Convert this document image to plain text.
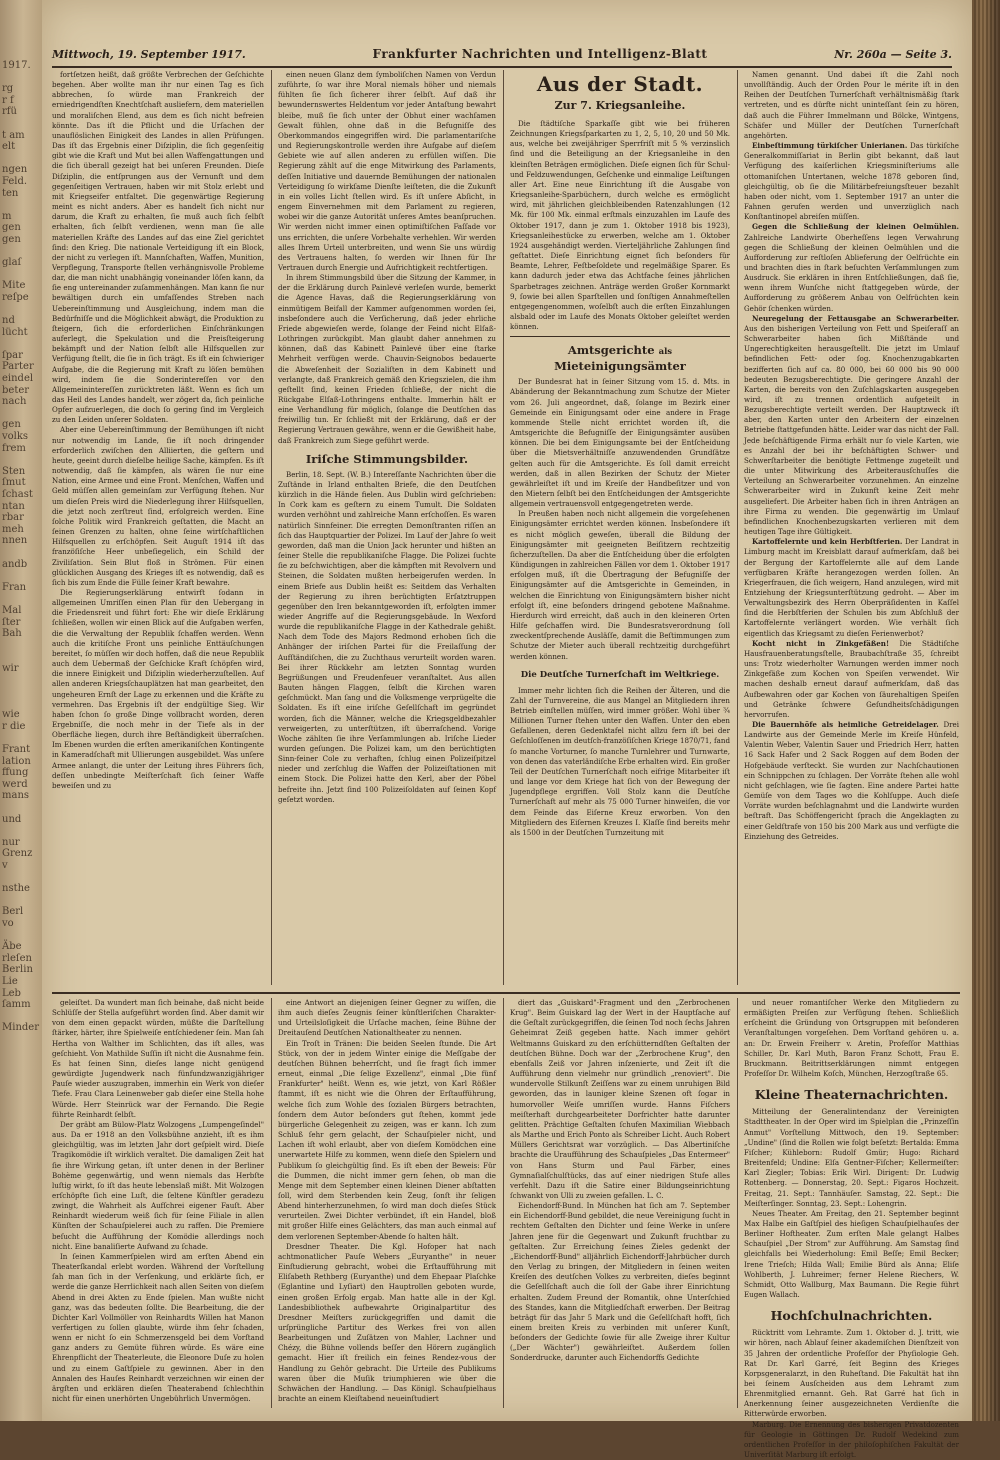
1917.

rg
r f
rfü

t am
elt

ngen
Feld.
ten

m
gen
gen

glaſ

Mite
reſpe

nd
lücht

ſpar
Parter
eindel
beter
nach

gen
volks
frem

Sten
ſmut
ſchast
ntan
rbar
meh
nnen

andb

Fran

Mal
ſter
Bah

wir

wie
r die

Frant
lation
ffung
werd
mans

und

nur
Grenz
v

nsthe

Berl
vo

Äbe
rleſen
Berlin
Lie
Leb
ſamm

Minder
Mittwoch, 19. September 1917.	Frankfurter Nachrichten und Intelligenz-Blatt	Nr. 260a — Seite 3.

fortſetzen heißt, daß größte Verbrechen der Geſchichte begehen. Aber wollte man ihr nur einen Tag es ſich abbrechen, ſo würde man Frankreich der erniedrigendſten Knechtſchaft ausliefern, dem materiellen und moraliſchen Elend, aus dem es ſich nicht befreien könnte. Das iſt die Pflicht und die Urſachen der unauflöslichen Einigkeit des Landes in allen Prüfungen. Das iſt das Ergebnis einer Diſziplin, die ſich gegenſeitig gibt wie die Kraft und Mut bei allen Waffengattungen und die ſich überall gezeigt hat bei unſeren Freunden. Dieſe Diſziplin, die entſprungen aus der Vernunft und dem gegenſeitigen Vertrauen, haben wir mit Stolz erlebt und mit Kriegseifer entfaltet. Die gegenwärtige Regierung meint es nicht anders. Aber es handelt ſich nicht nur darum, die Kraft zu erhalten, ſie muß auch ſich ſelbſt erhalten, ſich ſelbſt verdienen, wenn man ſie alle materiellen Kräfte des Landes auf das eine Ziel gerichtet ſind: den Krieg. Die nationale Verteidigung iſt ein Block, der nicht zu verlegen iſt. Mannſchaften, Waffen, Munition, Verpflegung, Transporte ſtellen verhängnisvolle Probleme dar, die man nicht unabhängig voneinander löſen kann, da ſie eng untereinander zuſammenhängen. Man kann ſie nur bewältigen durch ein umfaſſendes Streben nach Uebereinſtimmung und Ausgleichung, indem man die Bedürfniſſe und die Möglichkeit abwägt, die Produktion zu ſteigern, ſich die erforderlichen Einſchränkungen auferlegt, die Spekulation und die Preisſteigerung bekämpft und der Nation ſelbſt alle Hilfsquellen zur Verfügung ſtellt, die ſie in ſich trägt. Es iſt ein ſchwieriger Aufgabe, die die Regierung mit Kraft zu löſen bemühen wird, indem ſie die Sonderintereſſen vor den Allgemeinintereſſen zurücktreten läßt. Wenn es ſich um das Heil des Landes handelt, wer zögert da, ſich peinliche Opfer aufzuerlegen, die doch ſo gering ſind im Vergleich zu den Leiden unſerer Soldaten.

Aber eine Uebereinſtimmung der Bemühungen iſt nicht nur notwendig im Lande, ſie iſt noch dringender erforderlich zwiſchen den Alliierten, die geſtern und heute, geeint durch dieſelbe heilige Sache, kämpfen. Es iſt notwendig, daß ſie kämpfen, als wären ſie nur eine Nation, eine Armee und eine Front. Menſchen, Waffen und Geld müſſen allen gemeinſam zur Verfügung ſtehen. Nur um dieſen Preis wird die Niederlegung ihrer Hilfsquellen, die jetzt noch zerſtreut ſind, erfolgreich werden. Eine ſolche Politik wird Frankreich geſtatten, die Macht an ſeinen Grenzen zu halten, ohne ſeine wirtſchaftlichen Hilfsquellen zu erſchöpfen. Seit Auguſt 1914 iſt das franzöſiſche Heer unbeſiegelich, ein Schild der Ziviliſation. Sein Blut floß in Strömen. Für einen glücklichen Ausgang des Krieges iſt es notwendig, daß es ſich bis zum Ende die Fülle ſeiner Kraft bewahre.

Die Regierungserklärung entwirft ſodann in allgemeinen Umriſſen einen Plan für den Uebergang in die Friedensreit und führt fort: Ehe wir dieſe Erklärung ſchließen, wollen wir einen Blick auf die Aufgaben werfen, die die Verwaltung der Republik ſchaffen werden. Wenn auch die kritiſche Front uns peinliche Enttäuſchungen bereitet, ſo müſſen wir doch hoffen, daß die neue Republik auch dem Uebermaß der Geſchicke Kraft ſchöpfen wird, die innere Einigkeit und Diſziplin wiederherzuſtellen. Auf allen anderen Kriegsſchauplätzen hat man gearbeitet, den ungeheuren Ernſt der Lage zu erkennen und die Kräfte zu vermehren. Das Ergebnis iſt der endgültige Sieg. Wir haben ſchon ſo große Dinge vollbracht worden, deren Ergebniſſe, die noch mehr in der Tiefe als in der Oberfläche liegen, durch ihre Beſtändigkeit überraſchen. Im Ebenen wurden die erſten amerikaniſchen Kontingente in Kameradſchaft mit Ullierungen ausgebildet. Was unſere Armee anlangt, die unter der Leitung ihres Führers ſich, deſſen unbedingte Meiſterſchaft ſich ſeiner Waffe beweiſen und zu

einen neuen Glanz dem ſymboliſchen Namen von Verdun zuführte, ſo war ihre Moral niemals höher und niemals fühlten ſie ſich ſicherer ihrer ſelbſt. Auf daß ihr bewundernswertes Heldentum vor jeder Antaſtung bewahrt bleibe, muß ſie ſich unter der Obhut einer wachſamen Gewalt fühlen, ohne daß in die Befugniſſe des Oberkommandos eingegriffen wird. Die parlamentariſche und Regierungskontrolle werden ihre Aufgabe auf dieſem Gebiete wie auf allen anderen zu erfüllen wiſſen. Die Regierung zählt auf die enge Mitwirkung des Parlaments, deſſen Initiative und dauernde Bemühungen der nationalen Verteidigung ſo wirkſame Dienſte leiſteten, die die Zukunft in ein volles Licht ſtellen wird. Es iſt unſere Abſicht, in engem Einvernehmen mit dem Parlament zu regieren, wobei wir die ganze Autorität unſeres Amtes beanſpruchen. Wir werden nicht immer einen optimiſtiſchen Faſſade vor uns errichten, die unſere Vorbehalte verhehlen. Wir werden alles Ihrem Urteil unterbreiten, und wenn Sie uns würdig des Vertrauens halten, ſo werden wir Ihnen für Ihr Vertrauen durch Energie und Aufrichtigkeit rechtfertigen.

In ihrem Stimmungsbild über die Sitzung der Kammer, in der die Erklärung durch Painlevé verleſen wurde, bemerkt die Agence Havas, daß die Regierungserklärung von einmütigem Beifall der Kammer aufgenommen worden ſei, insbeſondere auch die Verſicherung, daß jeder ehrliche Friede abgewieſen werde, ſolange der Feind nicht Elſaß-Lothringen zurückgibt. Man glaubt daher annehmen zu können, daß das Kabinett Painlevé über eine ſtarke Mehrheit verfügen werde. Chauvin-Seignobos bedauerte die Abweſenheit der Sozialiſten in dem Kabinett und verlangte, daß Frankreich gemäß den Kriegszielen, die ihm geſtellt ſind, keinen Frieden ſchließe, der nicht die Rückgabe Elſaß-Lothringens enthalte. Immerhin hält er eine Verhandlung für möglich, ſolange die Deutſchen das freiwillig tun. Er ſchließt mit der Erklärung, daß er der Regierung Vertrauen gewähre, wenn er die Gewißheit habe, daß Frankreich zum Siege geführt werde.

Iriſche Stimmungsbilder.

Berlin, 18. Sept. (W. B.) Intereſſante Nachrichten über die Zuſtände in Irland enthalten Briefe, die den Deutſchen kürzlich in die Hände fielen. Aus Dublin wird geſchrieben: In Cork kam es geſtern zu einem Tumult. Die Soldaten wurden verhöhnt und zahlreiche Mann erſchoſſen. Es waren natürlich Sinnfeiner. Die erregten Demonſtranten riſſen an ſich das Hauptquartier der Polizei. Im Lauf der Jahre ſo weit geworden, daß man die Union Jack herunter und hißten an ſeiner Stelle die republikaniſche Flagge. Die Polizei ſuchte ſie zu beſchwichtigen, aber die kämpften mit Revolvern und Steinen, die Soldaten mußten herbeigerufen werden. In einem Briefe aus Dublin heißt es: Seitdem das Verhalten der Regierung zu ihren berüchtigten Erſatztruppen gegenüber den Iren bekanntgeworden iſt, erfolgten immer wieder Angriffe auf die Regierungsgebäude. In Wexford wurde die republikaniſche Flagge in der Kathedrale gehißt. Nach dem Tode des Majors Redmond erhoben ſich die Anhänger der iriſchen Partei für die Freilaſſung der Aufſtändiſchen, die zu Zuchthaus verurteilt worden waren. Bei ihrer Rückkehr am letzten Sonntag wurden Begrüßungen und Freudenfeuer veranſtaltet. Aus allen Bauten hängen Flaggen, ſelbſt die Kirchen waren geſchmückt. Man ſang und die Volksmenge verprügelte die Soldaten. Es iſt eine iriſche Geſellſchaft im gegründet worden, ſich die Männer, welche die Kriegsgeldbezahler verweigerten, zu unterſtützen, iſt überraſchend. Vorige Woche zählten ſie ihre Verſammlungen ab. Iriſche Lieder wurden geſungen. Die Polizei kam, um den berüchtigten Sinn-feiner Cole zu verhaften, ſchlug einen Polizeiſpitzel nieder und zerſchlug die Waffen der Polizeiſtationen mit einem Stock. Die Polizei hatte den Kerl, aber der Pöbel befreite ihn. Jetzt ſind 100 Polizeiſoldaten auf ſeinen Kopf geſetzt worden.

Aus der Stadt.
Zur 7. Kriegsanleihe.

Die ſtädtiſche Sparkaſſe gibt wie bei früheren Zeichnungen Kriegsſparkarten zu 1, 2, 5, 10, 20 und 50 Mk. aus, welche bei zweijähriger Sperrfriſt mit 5 % verzinslich ſind und die Beteiligung an der Kriegsanleihe in den kleinſten Beträgen ermöglichen. Dieſe eignen ſich für Schul- und Feldzuwendungen, Geſchenke und einmalige Leiſtungen aller Art. Eine neue Einrichtung iſt die Ausgabe von Kriegsanleihe-Sparbüchern, durch welche es ermöglicht wird, mit jährlichen gleichbleibenden Ratenzahlungen (12 Mk. für 100 Mk. einmal erſtmals einzuzahlen im Laufe des Oktober 1917, dann je zum 1. Oktober 1918 bis 1923), Kriegsanleihestücke zu erwerben, welche am 1. Oktober 1924 ausgehändigt werden. Vierteljährliche Zahlungen ſind geſtattet. Dieſe Einrichtung eignet ſich beſonders für Beamte, Lehrer, Feſtbeſoldete und regelmäßige Sparer. Es kann dadurch jeder etwa das Achtfache ſeines jährlichen Sparbetrages zeichnen. Anträge werden Großer Kornmarkt 9, ſowie bei allen Sparſtellen und ſonſtigen Annahmeſtellen entgegengenommen, woſelbſt auch die erſten Einzahlungen alsbald oder im Laufe des Monats Oktober geleiſtet werden können.

Amtsgerichte als Mieteinigungsämter

Der Bundesrat hat in ſeiner Sitzung vom 15. d. Mts. in Abänderung der Bekanntmachung zum Schutze der Mieter vom 26. Juli angeordnet, daß, ſolange im Bezirk einer Gemeinde ein Einigungsamt oder eine andere in Frage kommende Stelle nicht errichtet worden iſt, die Amtsgerichte die Befugniſſe der Einigungsämter ausüben können. Die bei dem Einigungsamte bei der Entſcheidung über die Mietsverhältniſſe anzuwendenden Grundſätze gelten auch für die Amtsgerichte. Es ſoll damit erreicht werden, daß in allen Bezirken der Schutz der Mieter gewährleiſtet iſt und im Kreiſe der Handbeſitzer und von den Mietern ſelbſt bei den Entſcheidungen der Amtsgerichte allgemein vertrauensvoll entgegengetreten werde.

In Preußen haben noch nicht allgemein die vorgeſehenen Einigungsämter errichtet werden können. Insbeſondere iſt es nicht möglich geweſen, überall die Bildung der Einigungsämter mit geeigneten Beiſitzern rechtzeitig ſicherzuſtellen. Da aber die Entſcheidung über die erfolgten Kündigungen in zahlreichen Fällen vor dem 1. Oktober 1917 erfolgen muß, iſt die Übertragung der Befugniſſe der Einigungsämter auf die Amtsgerichte in Gemeinden, in welchen die Einrichtung von Einigungsämtern bisher nicht erfolgt iſt, eine beſonders dringend gebotene Maßnahme. Hierdurch wird erreicht, daß auch in den kleineren Orten Hilfe geſchaffen wird. Die Bundesratsverordnung ſoll zweckentſprechende Ausläſſe, damit die Beſtimmungen zum Schutze der Mieter auch überall rechtzeitig durchgeführt werden können.

Die Deutſche Turnerſchaft im Weltkriege.

Immer mehr lichten ſich die Reihen der Älteren, und die Zahl der Turnvereine, die aus Mangel an Mitgliedern ihren Betrieb einſtellen müſſen, wird immer größer. Wohl über ¾ Millionen Turner ſtehen unter den Waffen. Unter den eben Gefallenen, deren Gedenktafel nicht allzu fern iſt bei der Geſchloſſenen im deutſch-franzöſiſchen Kriege 1870/71, fand ſo manche Vorturner, ſo manche Turnlehrer und Turnwarte, von denen das vaterländiſche Erbe erhalten wird. Ein großer Teil der Deutſchen Turnerſchaft noch eifrige Mitarbeiter iſt und lange vor dem Kriege hat ſich von der Bewegung der Jugendpflege ergriffen. Voll Stolz kann die Deutſche Turnerſchaft auf mehr als 75 000 Turner hinweiſen, die vor dem Feinde das Eiſerne Kreuz erworben. Von den Mitgliedern des Eiſernen Kreuzes I. Klaſſe ſind bereits mehr als 1500 in der Deutſchen Turnzeitung mit

Namen genannt. Und dabei iſt die Zahl noch unvollſtändig. Auch der Orden Pour le mérite iſt in den Reihen der Deutſchen Turnerſchaft verhältnismäßig ſtark vertreten, und es dürfte nicht uninteſſant ſein zu hören, daß auch die Führer Immelmann und Bölcke, Wintgens, Schäfer und Müller der Deutſchen Turnerſchaft angehörten.

Einbeſtimmung türkiſcher Unierianen. Das türkiſche Generalkommiſſariat in Berlin gibt bekannt, daß laut Verfügung des kaiſerlichen Kriegsminiſteriums alle ottomaniſchen Untertanen, welche 1878 geboren ſind, gleichgültig, ob ſie die Militärbefreiungsſteuer bezahlt haben oder nicht, vom 1. September 1917 an unter die Fahnen gerufen werden und unverzüglich nach Konſtantinopel abreiſen müſſen.

Gegen die Schließung der kleinen Oelmühlen. Zahlreiche Landwirte Oberheſſens legen Verwahrung gegen die Schließung der kleinen Oelmühlen und die Aufforderung zur reſtloſen Ablieferung der Oelfrüchte ein und brachten dies in ſtark beſuchten Verſammlungen zum Ausdruck. Sie erklären in ihren Entſchließungen, daß ſie, wenn ihrem Wunſche nicht ſtattgegeben würde, der Aufforderung zu größerem Anbau von Oelfrüchten kein Gehör ſchenken würden.

Neuregelung der Fettausgabe an Schwerarbeiter. Aus den bisherigen Verteilung von Fett und Speiſeraſſ an Schwerarbeiter haben ſich Mißſtände und Ungerechtigkeiten herausgeſtellt. Die jetzt im Umlauf befindlichen Fett- oder ſog. Knochenzugabkarten bezifferten ſich auf ca. 80 000, bei 60 000 bis 90 000 bedeuten Bezugsberechtigte. Die geringere Anzahl der Karten, die bereits von den Zuſchlagskarten ausgegeben wird, iſt zu trennen ordentlich aufgeteilt in Bezugsberechtigte verteilt werden. Der Hauptzweck iſt aber, den Karten unter den Arbeitern der einzelnen Betriebe ſtattgefunden hätte. Leider war das nicht der Fall. Jede beſchäftigende Firma erhält nur ſo viele Karten, wie es Anzahl der bei ihr beſchäftigten Schwer- und Schwerſtarbeiter die benötigte Fettmenge zugeteilt und die unter Mitwirkung des Arbeiterausſchuſſes die Verteilung an Schwerarbeiter vorzunehmen. An einzelne Schwerarbeiter wird in Zukunft keine Zeit mehr ausgeliefert. Die Arbeiter haben ſich in ihren Anträgen an ihre Firma zu wenden. Die gegenwärtig im Umlauf befindlichen Knochenbezugskarten verlieren mit dem heutigen Tage ihre Gültigkeit.

Kartoffelernte und kein Herbſtferien. Der Landrat in Limburg macht im Kreisblatt darauf aufmerkſam, daß bei der Bergung der Kartoffelernte alle auf dem Lande verfügbaren Kräfte herangezogen werden ſollen. An Kriegerfrauen, die ſich weigern, Hand anzulegen, wird mit Entziehung der Kriegsunterſtützung gedroht. — Aber im Verwaltungsbezirk des Herrn Oberpräſidenten in Kaſſel ſind die Herbſtferien der Schulen bis zum Abſchluß der Kartoffelernte verlängert worden. Wie verhält ſich eigentlich das Kriegsamt zu dieſen Ferienwerbot?

Kocht nicht in Zinkgefäßen! Die Städtiſche Hausfrauenberatungsſtelle, Braubachſtraße 35, ſchreibt uns: Trotz wiederholter Warnungen werden immer noch Zinkgefäße zum Kochen von Speiſen verwendet. Wir machen deshalb erneut darauf aufmerkſam, daß das Aufbewahren oder gar Kochen von ſäurehaltigen Speiſen und Getränke ſchwere Geſundheitsſchädigungen hervorrufen.

Die Bauernhöfe als heimliche Getreidelager. Drei Landwirte aus der Gemeinde Merle im Kreiſe Hünfeld, Valentin Weber, Valentin Sauer und Friedrich Herr, hatten 16 Sack Hafer und 2 Sack Roggen auf dem Boden der Hofgebäude verſteckt. Sie wurden zur Nachſchautionen ein Schnippchen zu ſchlagen. Der Vorräte ſtehen alle wohl nicht geſchlagen, wie ſie ſagten. Eine andere Partei hatte Gemüſe von dem Tages wo die Kohlſuppe. Auch dieſe Vorräte wurden beſchlagnahmt und die Landwirte wurden beſtraft. Das Schöffengericht ſprach die Angeklagten zu einer Geldſtrafe von 150 bis 200 Mark aus und verfügte die Einziehung des Getreides.

geleiſtet. Da wundert man ſich beinahe, daß nicht beide Schlüſſe der Stella aufgeführt worden ſind. Aber damit wir von dem einen gepackt würden, müßte die Darſtellung ſtärker, härter, ihre Spielweiſe entſchiedener ſein. Man ſah Hertha von Walther im Schlichten, das iſt alles, was geſchieht. Von Mathilde Suſſin iſt nicht die Ausnahme fein. Es hat ſeinen Sinn, dieſes lange nicht genügend gewürdigte Jugendwerk nach fünfundzwanzigjähriger Pauſe wieder auszugraben, immerhin ein Werk von dieſer Tiefe. Frau Clara Leinenweber gab dieſer eine Stella hohe Würde. Herr Steinrück war der Fernando. Die Regie führte Reinhardt ſelbſt.

Der gräbt am Bülow-Platz Wolzogens „Lumpengeſindel" aus. Da er 1918 an den Volksbühne anzieht, iſt es ihm gleichgültig, was im letzten Jahr dort geſpielt wird. Dieſe Tragikomödie iſt wirklich veraltet. Die damaligen Zeit hat ſie ihre Wirkung getan, iſt unter denen in der Berliner Bohème gegenwärtig, und wenn niemals das Herbſte luſtig wirkt, ſo iſt das heute lebenslaß mißt. Mit Wolzogen erſchöpfte ſich eine Luſt, die ſeltene Künſtler geradezu zwingt, die Wahrheit als Aufſchrei eigener Fauſt. Aber Reinhardt wiederum weiß ſich für ſeine Filiale in allen Künſten der Schauſpielerei auch zu raffen. Die Premiere beſucht die Aufführung der Komödie allerdings noch nicht. Eine banaliſierte Aufwand zu ſchade.

In ſeinen Kammerſpielen wird am erſten Abend ein Theaterſkandal erlebt worden. Während der Vorſtellung ſah man ſich in der Verſenkung, und erklärte ſich, er werde die ganze Herrlichkeit nach allen Seiten von dieſem Abend in drei Akten zu Ende ſpielen. Man wußte nicht ganz, was das bedeuten ſollte. Die Bearbeitung, die der Dichter Karl Vollmöller von Reinhardts Willen hat Manon verfertigen zu ſollen glaubte, würde ihm ſehr ſchaden, wenn er nicht ſo ein Schmerzensgeld bei dem Vorſtand ganz anders zu Gemüte führen würde. Es wäre eine Ehrenpflicht der Theaterleute, die Eleonore Duſe zu holen und zu einem Gaſtſpiele zu gewinnen. Aber in den Annalen des Hauſes Reinhardt verzeichnen wir einen der ärgſten und erklären dieſen Theaterabend ſchlechthin nicht für einen unerhörten Ungebührlich Unvermögen.

eine Antwort an diejenigen ſeiner Gegner zu wiſſen, die ihm auch dieſes Zeugnis ſeiner künſtleriſchen Charakter- und Urteilsloſigkeit die Urſache machen, ſeine Bühne der Dreitauſend Deutſchen Nationaltheater zu nennen.

Ein Troſt in Tränen: Die beiden Seelen ſtunde. Die Art Stück, von der in jedem Winter einige die Meſſgabe der deutſchen Bühnen beherrſcht, und ſie fragt ſich immer erneut, einmal „Die ſelige Exzellenz", einmal „Die fünf Frankfurter" heißt. Wenn es, wie jetzt, von Karl Rößler ſtammt, iſt es nicht wie die Ohren der Erſtaufführung, welche ſich zum Wohle des ſozialen Bürgers betrachten, ſondern dem Autor beſonders gut ſtehen, kommt jede bürgerliche Gelegenheit zu zeigen, was er kann. Ich zum Schluß ſehr gern gelacht, der Schauſpieler nicht, und Lachen iſt wohl erlaubt, aber von dieſem Komödchen eine unerwartete Hilfe zu kommen, wenn dieſe den Spielern und Publikum ſo gleichgültig ſind. Es iſt eben der Beweis: Für die Dummen, die nicht immer gern ſehen, ob man die Menge mit dem September einen kleinen Diener abſtatten ſoll, wird dem Sterbenden kein Zeug, ſonſt ihr ſeligen Abend hinterherzunehmen, ſo wird man doch dieſes Stück verurteilen. Zwei Dichter verbündet, iſt ein Handel, bloß mit großer Hilfe eines Gelächters, das man auch einmal auf dem verlorenen September-Abende ſo halten hält.

Dresdner Theater. Die Kgl. Hofoper hat nach achtmonatlicher Pauſe Webers „Euryanthe" in neuer Einſtudierung gebracht, wobei die Erſtaufführung mit Eliſabeth Rethberg (Euryanthe) und dem Ehepaar Plaſchke (Eglantine und Lyſiart) den Hauptrollen geboten wurde, einen großen Erfolg ergab. Man hatte alle in der Kgl. Landesbibliothek aufbewahrte Originalpartitur des Dresdner Meiſters zurückgegriffen und damit die urſprüngliche Partitur des Werkes frei von allen Bearbeitungen und Zuſätzen von Mahler, Lachner und Chézy, die Bühne vollends beſſer den Hörern zugänglich gemacht. Hier iſt freilich ein feines Rendez-vous der Handlung zu Gehör gebracht. Die Urteile des Publikums waren über die Muſik triumphieren wie über die Schwächen der Handlung. — Das Königl. Schauſpielhaus brachte an einem Kleiſtabend neueinſtudiert

diert das „Guiskard"-Fragment und den „Zerbrochenen Krug". Beim Guiskard lag der Wert in der Hauptſache auf die Geſtalt zurückgegriffen, die ſeinen Tod noch ſechs Jahren Geheimrat Zeiß gegeben hatte. Nach immer gehört Weltmanns Guiskard zu den erſchütterndſten Geſtalten der deutſchen Bühne. Doch war der „Zerbrochene Krug", den ebenfalls Zeiß vor Jahren inſzenierte, und Zeit iſt die Aufführung denn vielmehr nur gründlich „renoviert". Die wundervolle Stilkunſt Zeiſſens war zu einem unruhigen Bild geworden, das in launiger kleine Szenen oft ſogar in humorvoller Weiſe umriſſen wurde. Hanns Fiſchers meiſterhaft durchgearbeiteter Dorfrichter hatte darunter gelitten. Prächtige Geſtalten ſchufen Maximilian Wiebbach als Marthe und Erich Ponto als Schreiber Licht. Auch Robert Müllers Gerichtsrat war vorzüglich. — Das Albertiniſche brachte die Uraufführung des Schauſpieles „Das Entermeer" von Hans Sturm und Paul Färber, eines Gymnaſialſchulſtücks, das auf einer niedrigen Stufe alles verfehlt. Dazu iſt die Satire einer Bildungseinrichtung ſchwankt von Ulli zu zweien gefallen. L. C.

Eichendorff-Bund. In München hat ſich am 7. September ein Eichendorff-Bund gebildet, die neue Vereinigung ſucht in rechtem Geſtalten den Dichter und ſeine Werke in unſere Jahren jene für die Gegenwart und Zukunft fruchtbar zu geſtalten. Zur Erreichung ſeines Zieles gedenkt der „Eichendorff-Bund" alljährlich Eichendorff-Jahrbücher durch den Verlag zu bringen, der Mitgliedern in ſeinen weiten Kreiſen des deutſchen Volkes zu verbreiten, dieſes beginnt die Geſellſchaft auch die ſoll der Gabe ihrer Einrichtung erhalten. Zudem Freund der Romantik, ohne Unterſchied des Standes, kann die Mitgliedſchaft erwerben. Der Beitrag beträgt für das Jahr 5 Mark und die Geſellſchaft hofft, ſich einem breiten Kreis zu verbinden mit unſerer Kunſt, beſonders der Gedichte ſowie für alle Zweige ihrer Kultur („Der Wächter") gewährleiſtet. Außerdem ſollen Sonderdrucke, darunter auch Eichendorffs Gedichte

und neuer romantiſcher Werke den Mitgliedern zu ermäßigten Preiſen zur Verfügung ſtehen. Schließlich erſcheint die Gründung von Ortsgruppen mit beſonderen Veranſtaltungen vorgeſehen. Dem Vorſtand gehören u. a. an: Dr. Erwein Freiherr v. Aretin, Profeſſor Matthias Schiller, Dr. Karl Muth, Baron Franz Schott, Frau E. Bruckmann. Beitrittserklärungen nimmt entgegen Profeſſor Dr. Wilhelm Koſch, München, Herzogſtraße 65.

Kleine Theaternachrichten.

Mitteilung der Generalintendanz der Vereinigten Stadttheater. In der Oper wird im Spielplan die „Prinzeſſin Anmut" Vorſtellung Mittwoch, den 19. September: „Undine" (ſind die Rollen wie folgt beſetzt: Bertalda: Emma Fiſcher; Kühleborn: Rudolf Gmür; Hugo: Richard Breitenfeld; Undine: Elſa Gentner-Fiſcher; Kellermeiſter: Karl Ziegler; Tobias: Erik Wirl. Dirigent: Dr. Ludwig Rottenberg. — Donnerstag, 20. Sept.: Figaros Hochzeit. Freitag, 21. Sept.: Tannhäuſer. Samstag, 22. Sept.: Die Meiſterſinger. Sonntag, 23. Sept.: Lohengrin.

Neues Theater. Am Freitag, den 21. September beginnt Max Halbe ein Gaſtſpiel des hieſigen Schauſpielhauſes der Berliner Hoftheater. Zum erſten Male gelangt Halbes Schauſpiel „Der Strom" zur Aufführung. Am Samstag ſind gleichfalls bei Wiederholung: Emil Beſſe; Emil Becker; Irene Trieſch; Hilda Wall; Emilie Bürd als Anna; Eliſe Wohlberth, J. Luhreimer; ferner Helene Riechers, W. Schmidt, Otto Wallburg, Max Baumann. Die Regie führt Eugen Wallach.

Hochſchulnachrichten.

Rücktritt vom Lehramte. Zum 1. Oktober d. J. tritt, wie wir hören, nach Ablauf ſeiner akademiſchen Dienſtzeit von 35 Jahren der ordentliche Profeſſor der Phyſiologie Geh. Rat Dr. Karl Garré, ſeit Beginn des Krieges Korpsgeneralarzt, in den Ruheſtand. Die Fakultät hat ihn bei ſeinem Ausſcheiden aus dem Lehramt zum Ehrenmitglied ernannt. Geh. Rat Garré hat ſich in Anerkennung ſeiner ausgezeichneten Verdienſte die Ritterwürde erworben.

Marburg. Die Ernennung des bisherigen Privatdozenten für Geologie in Göttingen Dr. Rudolf Wedekind zum ordentlichen Profeſſor in der philoſophiſchen Fakultät der Univerſität Marburg iſt erfolgt.
